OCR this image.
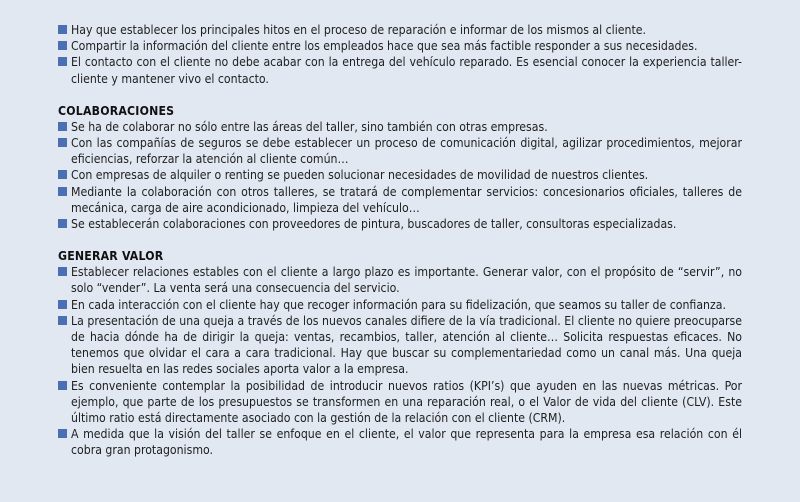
Hay que establecer los principales hitos en el proceso de reparación e informar de los mismos al cliente.
Compartir la información del cliente entre los empleados hace que sea más factible responder a sus necesidades.
El contacto con el cliente no debe acabar con la entrega del vehículo reparado. Es esencial conocer la experiencia taller-cliente y mantener vivo el contacto.
COLABORACIONES
Se ha de colaborar no sólo entre las áreas del taller, sino también con otras empresas.
Con las compañías de seguros se debe establecer un proceso de comunicación digital, agilizar procedimientos, mejorar eficiencias, reforzar la atención al cliente común…
Con empresas de alquiler o renting se pueden solucionar necesidades de movilidad de nuestros clientes.
Mediante la colaboración con otros talleres, se tratará de complementar servicios: concesionarios oficiales, talleres de mecánica, carga de aire acondicionado, limpieza del vehículo…
Se establecerán colaboraciones con proveedores de pintura, buscadores de taller, consultoras especializadas.
GENERAR VALOR
Establecer relaciones estables con el cliente a largo plazo es importante. Generar valor, con el propósito de “servir”, no solo “vender”. La venta será una consecuencia del servicio.
En cada interacción con el cliente hay que recoger información para su fidelización, que seamos su taller de confianza.
La presentación de una queja a través de los nuevos canales difiere de la vía tradicional. El cliente no quiere preocuparse de hacia dónde ha de dirigir la queja: ventas, recambios, taller, atención al cliente… Solicita respuestas eficaces. No tenemos que olvidar el cara a cara tradicional. Hay que buscar su complementariedad como un canal más. Una queja bien resuelta en las redes sociales aporta valor a la empresa.
Es conveniente contemplar la posibilidad de introducir nuevos ratios (KPI’s) que ayuden en las nuevas métricas. Por ejemplo, que parte de los presupuestos se transformen en una reparación real, o el Valor de vida del cliente (CLV). Este último ratio está directamente asociado con la gestión de la relación con el cliente (CRM).
A medida que la visión del taller se enfoque en el cliente, el valor que representa para la empresa esa relación con él cobra gran protagonismo.
